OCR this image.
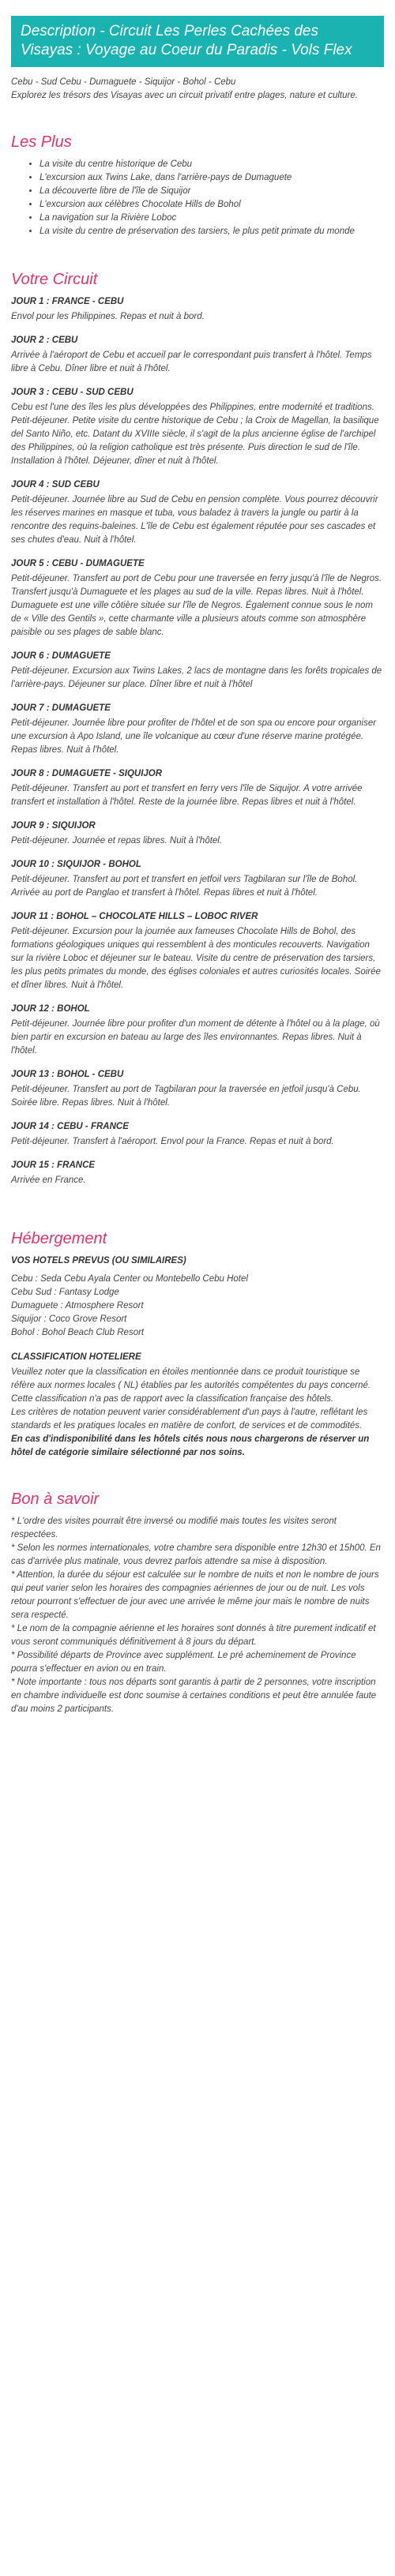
Description - Circuit Les Perles Cachées des Visayas : Voyage au Coeur du Paradis - Vols Flex
Cebu - Sud Cebu - Dumaguete - Siquijor - Bohol - Cebu
Explorez les trésors des Visayas avec un circuit privatif entre plages, nature et culture.
Les Plus
• La visite du centre historique de Cebu
• L'excursion aux Twins Lake, dans l'arrière-pays de Dumaguete
• La découverte libre de l'île de Siquijor
• L'excursion aux célèbres Chocolate Hills de Bohol
• La navigation sur la Rivière Loboc
• La visite du centre de préservation des tarsiers, le plus petit primate du monde
Votre Circuit
JOUR 1 : FRANCE - CEBU
Envol pour les Philippines. Repas et nuit à bord.
JOUR 2 : CEBU
Arrivée à l'aéroport de Cebu et accueil par le correspondant puis transfert à l'hôtel. Temps libre à Cebu. Dîner libre et nuit à l'hôtel.
JOUR 3 : CEBU - SUD CEBU
Cebu est l'une des îles les plus développées des Philippines, entre modernité et traditions.
Petit-déjeuner. Petite visite du centre historique de Cebu ; la Croix de Magellan, la basilique del Santo Niño, etc. Datant du XVIIIe siècle, il s'agit de la plus ancienne église de l'archipel des Philippines, où la religion catholique est très présente. Puis direction le sud de l'île. Installation à l'hôtel. Déjeuner, dîner et nuit à l'hôtel.
JOUR 4 : SUD CEBU
Petit-déjeuner. Journée libre au Sud de Cebu en pension complète. Vous pourrez découvrir les réserves marines en masque et tuba, vous baladez à travers la jungle ou partir à la rencontre des requins-baleines. L'île de Cebu est également réputée pour ses cascades et ses chutes d'eau. Nuit à l'hôtel.
JOUR 5 : CEBU - DUMAGUETE
Petit-déjeuner. Transfert au port de Cebu pour une traversée en ferry jusqu'à l'île de Negros. Transfert jusqu'à Dumaguete et les plages au sud de la ville. Repas libres. Nuit à l'hôtel.
Dumaguete est une ville côtière située sur l'île de Negros. Également connue sous le nom de « Ville des Gentils », cette charmante ville a plusieurs atouts comme son atmosphère paisible ou ses plages de sable blanc.
JOUR 6 : DUMAGUETE
Petit-déjeuner. Excursion aux Twins Lakes, 2 lacs de montagne dans les forêts tropicales de l'arrière-pays. Déjeuner sur place. Dîner libre et nuit à l'hôtel
JOUR 7 : DUMAGUETE
Petit-déjeuner. Journée libre pour profiter de l'hôtel et de son spa ou encore pour organiser une excursion à Apo Island, une île volcanique au cœur d'une réserve marine protégée. Repas libres. Nuit à l'hôtel.
JOUR 8 : DUMAGUETE - SIQUIJOR
Petit-déjeuner. Transfert au port et transfert en ferry vers l'île de Siquijor. A votre arrivée transfert et installation à l'hôtel. Reste de la journée libre. Repas libres et nuit à l'hôtel.
JOUR 9 : SIQUIJOR
Petit-déjeuner. Journée et repas libres. Nuit à l'hôtel.
JOUR 10 : SIQUIJOR - BOHOL
Petit-déjeuner. Transfert au port et transfert en jetfoil vers Tagbilaran sur l'île de Bohol. Arrivée au port de Panglao et transfert à l'hôtel. Repas libres et nuit à l'hôtel.
JOUR 11 : BOHOL – CHOCOLATE HILLS – LOBOC RIVER
Petit-déjeuner. Excursion pour la journée aux fameuses Chocolate Hills de Bohol, des formations géologiques uniques qui ressemblent à des monticules recouverts. Navigation sur la rivière Loboc et déjeuner sur le bateau. Visite du centre de préservation des tarsiers, les plus petits primates du monde, des églises coloniales et autres curiosités locales. Soirée et dîner libres. Nuit à l'hôtel.
JOUR 12 : BOHOL
Petit-déjeuner. Journée libre pour profiter d'un moment de détente à l'hôtel ou à la plage, où bien partir en excursion en bateau au large des îles environnantes. Repas libres. Nuit à l'hôtel.
JOUR 13 : BOHOL - CEBU
Petit-déjeuner. Transfert au port de Tagbilaran pour la traversée en jetfoil jusqu'à Cebu. Soirée libre. Repas libres. Nuit à l'hôtel.
JOUR 14 : CEBU - FRANCE
Petit-déjeuner. Transfert à l'aéroport. Envol pour la France. Repas et nuit à bord.
JOUR 15 : FRANCE
Arrivée en France.
Hébergement
VOS HOTELS PREVUS (OU SIMILAIRES)
Cebu : Seda Cebu Ayala Center ou Montebello Cebu Hotel
Cebu Sud : Fantasy Lodge
Dumaguete : Atmosphere Resort
Siquijor : Coco Grove Resort
Bohol : Bohol Beach Club Resort
CLASSIFICATION HOTELIERE
Veuillez noter que la classification en étoiles mentionnée dans ce produit touristique se réfère aux normes locales ( NL) établies par les autorités compétentes du pays concerné.
Cette classification n'a pas de rapport avec la classification française des hôtels.
Les critères de notation peuvent varier considérablement d'un pays à l'autre, reflétant les standards et les pratiques locales en matière de confort, de services et de commodités.
En cas d'indisponibilité dans les hôtels cités nous nous chargerons de réserver un hôtel de catégorie similaire sélectionné par nos soins.
Bon à savoir
* L'ordre des visites pourrait être inversé ou modifié mais toutes les visites seront respectées.
* Selon les normes internationales, votre chambre sera disponible entre 12h30 et 15h00. En cas d'arrivée plus matinale, vous devrez parfois attendre sa mise à disposition.
* Attention, la durée du séjour est calculée sur le nombre de nuits et non le nombre de jours qui peut varier selon les horaires des compagnies aériennes de jour ou de nuit. Les vols retour pourront s'effectuer de jour avec une arrivée le même jour mais le nombre de nuits sera respecté.
* Le nom de la compagnie aérienne et les horaires sont donnés à titre purement indicatif et vous seront communiqués définitivement à 8 jours du départ.
* Possibilité départs de Province avec supplément. Le pré acheminement de Province pourra s'effectuer en avion ou en train.
* Note importante : tous nos départs sont garantis à partir de 2 personnes, votre inscription en chambre individuelle est donc soumise à certaines conditions et peut être annulée faute d'au moins 2 participants.
